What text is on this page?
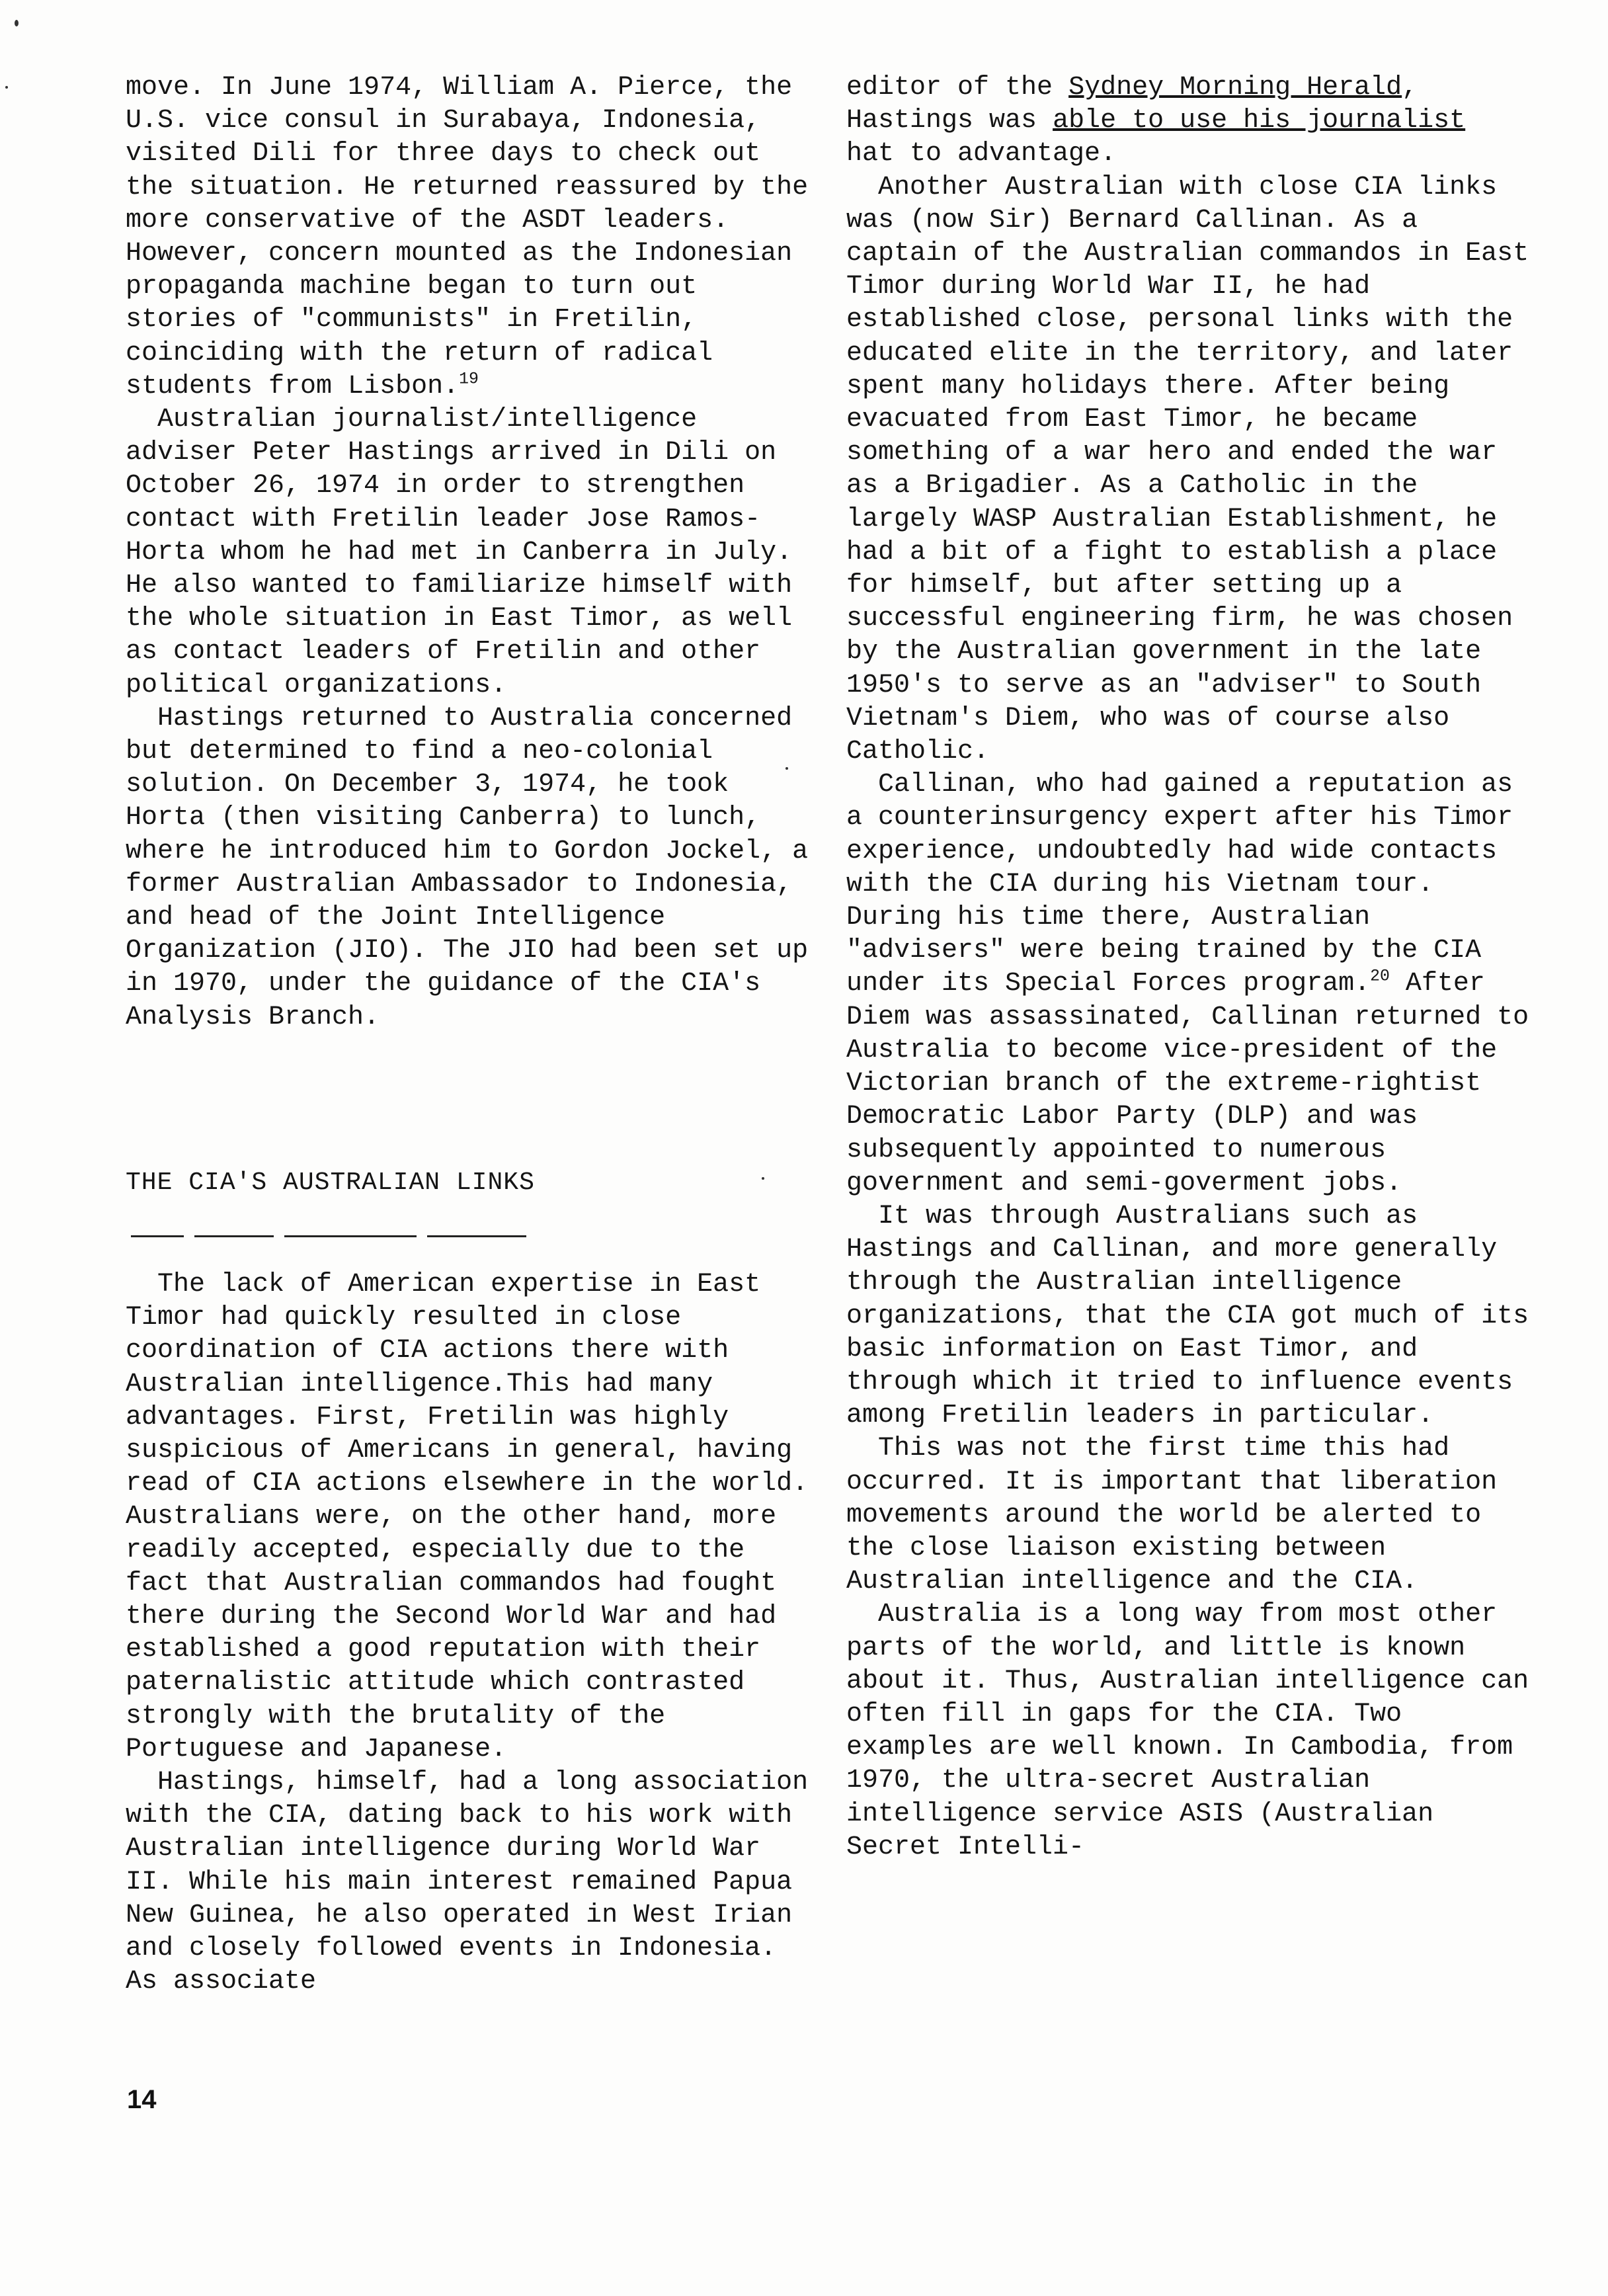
move. In June 1974, William A. Pierce, the U.S. vice consul in Surabaya, Indonesia, visited Dili for three days to check out the situation. He returned reassured by the more conservative of the ASDT leaders. However, concern mounted as the Indonesian propaganda machine began to turn out stories of "communists" in Fretilin, coinciding with the return of radical students from Lisbon.$^{19}$

Australian journalist/intelligence adviser Peter Hastings arrived in Dili on October 26, 1974 in order to strengthen contact with Fretilin leader Jose Ramos-Horta whom he had met in Canberra in July. He also wanted to familiarize himself with the whole situation in East Timor, as well as contact leaders of Fretilin and other political organizations.

Hastings returned to Australia concerned but determined to find a neo-colonial solution. On December 3, 1974, he took Horta (then visiting Canberra) to lunch, where he introduced him to Gordon Jockel, a former Australian Ambassador to Indonesia, and head of the Joint Intelligence Organization (JIO). The JIO had been set up in 1970, under the guidance of the CIA's Analysis Branch.

THE CIA'S AUSTRALIAN LINKS

The lack of American expertise in East Timor had quickly resulted in close coordination of CIA actions there with Australian intelligence.This had many advantages. First, Fretilin was highly suspicious of Americans in general, having read of CIA actions elsewhere in the world. Australians were, on the other hand, more readily accepted, especially due to the fact that Australian commandos had fought there during the Second World War and had established a good reputation with their paternalistic attitude which contrasted strongly with the brutality of the Portuguese and Japanese.

Hastings, himself, had a long association with the CIA, dating back to his work with Australian intelligence during World War II. While his main interest remained Papua New Guinea, he also operated in West Irian and closely followed events in Indonesia. As associate

editor of the Sydney Morning Herald,
Hastings was able to use his journalist
hat to advantage.

Another Australian with close CIA links was (now Sir) Bernard Callinan. As a captain of the Australian commandos in East Timor during World War II, he had established close, personal links with the educated elite in the territory, and later spent many holidays there. After being evacuated from East Timor, he became something of a war hero and ended the war as a Brigadier. As a Catholic in the largely WASP Australian Establishment, he had a bit of a fight to establish a place for himself, but after setting up a successful engineering firm, he was chosen by the Australian government in the late 1950's to serve as an "adviser" to South Vietnam's Diem, who was of course also Catholic.

Callinan, who had gained a reputation as a counterinsurgency expert after his Timor experience, undoubtedly had wide contacts with the CIA during his Vietnam tour. During his time there, Australian "advisers" were being trained by the CIA under its Special Forces program.$^{20}$ After Diem was assassinated, Callinan returned to Australia to become vice-president of the Victorian branch of the extreme-rightist Democratic Labor Party (DLP) and was subsequently appointed to numerous government and semi-goverment jobs.

It was through Australians such as Hastings and Callinan, and more generally through the Australian intelligence organizations, that the CIA got much of its basic information on East Timor, and through which it tried to influence events among Fretilin leaders in particular.

This was not the first time this had occurred. It is important that liberation movements around the world be alerted to the close liaison existing between Australian intelligence and the CIA.

Australia is a long way from most other parts of the world, and little is known about it. Thus, Australian intelligence can often fill in gaps for the CIA. Two examples are well known. In Cambodia, from 1970, the ultra-secret Australian intelligence service ASIS (Australian Secret Intelli-

14
